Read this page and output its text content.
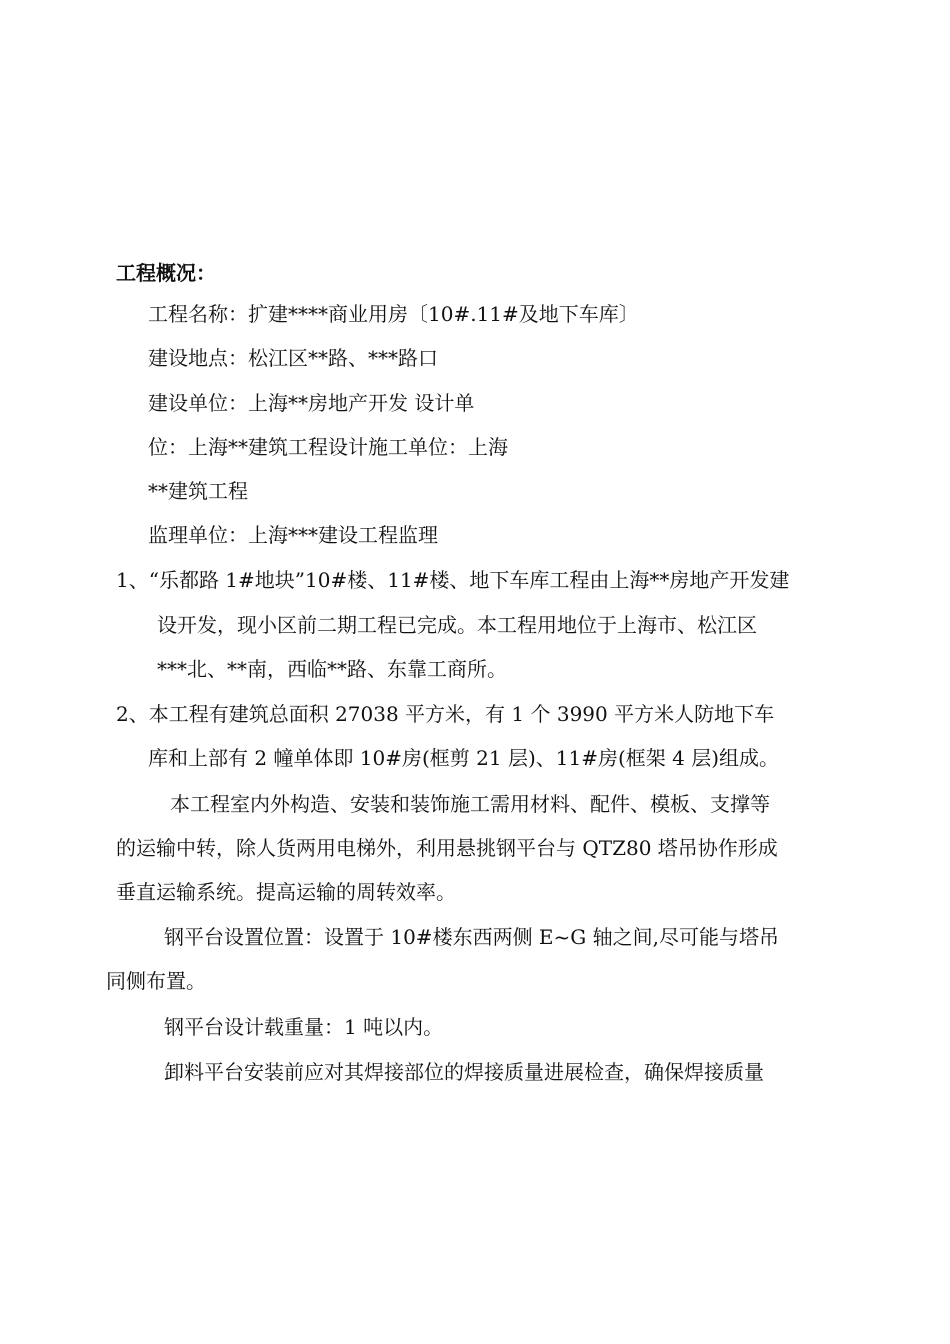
工程概况：
工程名称：扩建****商业用房〔10#.11#及地下车库〕
建设地点：松江区**路、***路口
建设单位：上海**房地产开发 设计单
位：上海**建筑工程设计施工单位：上海
**建筑工程
监理单位：上海***建设工程监理
1、“乐都路 1#地块”10#楼、11#楼、地下车库工程由上海**房地产开发建
设开发，现小区前二期工程已完成。本工程用地位于上海市、松江区
***北、**南，西临**路、东靠工商所。
2、本工程有建筑总面积 27038 平方米，有 1 个 3990 平方米人防地下车
库和上部有 2 幢单体即 10#房(框剪 21 层)、11#房(框架 4 层)组成。
本工程室内外构造、安装和装饰施工需用材料、配件、模板、支撑等
的运输中转，除人货两用电梯外，利用悬挑钢平台与 QTZ80 塔吊协作形成
垂直运输系统。提高运输的周转效率。
钢平台设置位置：设置于 10#楼东西两侧 E~G 轴之间,尽可能与塔吊
同侧布置。
钢平台设计载重量：1 吨以内。
卸料平台安装前应对其焊接部位的焊接质量进展检查，确保焊接质量
